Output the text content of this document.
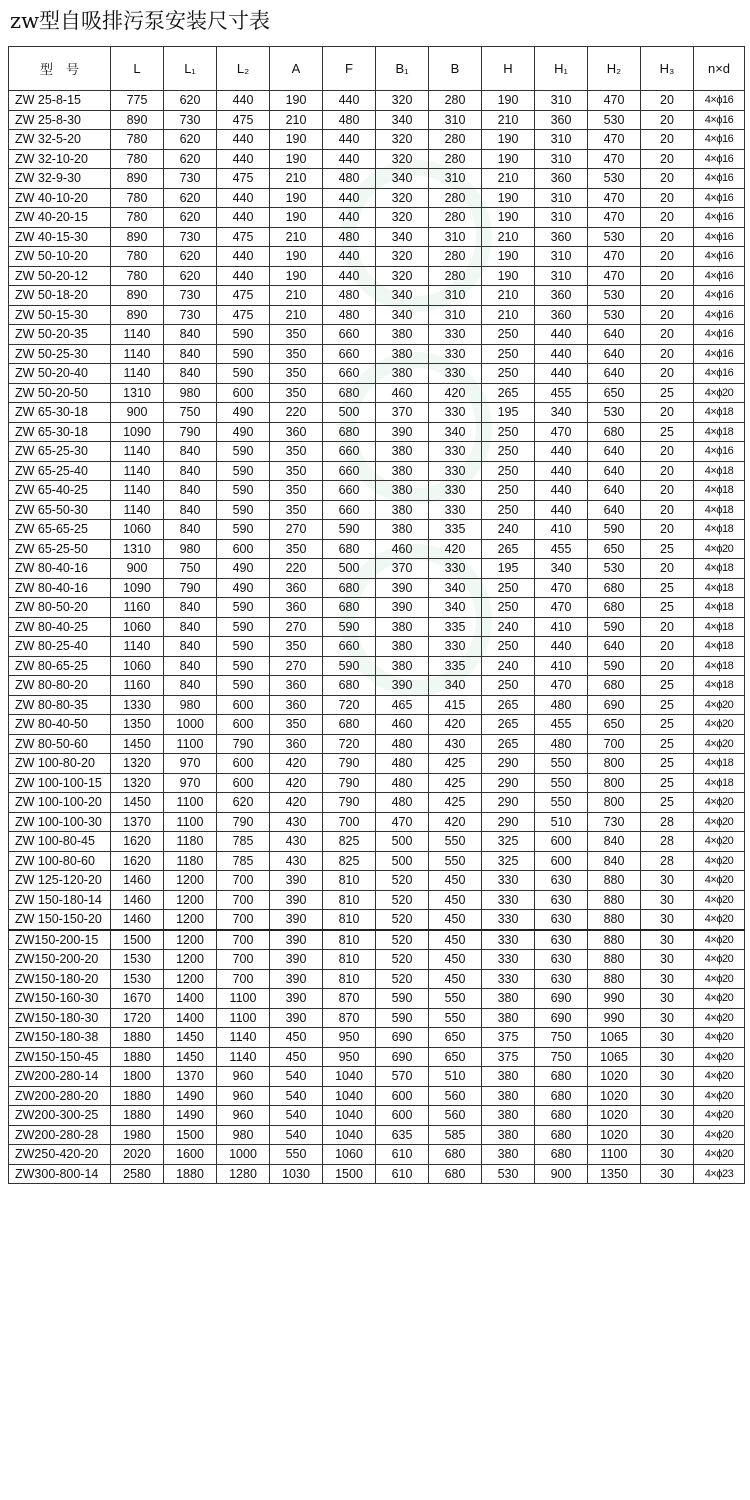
zw型自吸排污泵安装尺寸表
型　号	L	L₁	L₂	A	F	B₁	B	H	H₁	H₂	H₃	n×d
ZW 25-8-15	775	620	440	190	440	320	280	190	310	470	20	4×ϕ16
ZW 25-8-30	890	730	475	210	480	340	310	210	360	530	20	4×ϕ16
ZW 32-5-20	780	620	440	190	440	320	280	190	310	470	20	4×ϕ16
ZW 32-10-20	780	620	440	190	440	320	280	190	310	470	20	4×ϕ16
ZW 32-9-30	890	730	475	210	480	340	310	210	360	530	20	4×ϕ16
ZW 40-10-20	780	620	440	190	440	320	280	190	310	470	20	4×ϕ16
ZW 40-20-15	780	620	440	190	440	320	280	190	310	470	20	4×ϕ16
ZW 40-15-30	890	730	475	210	480	340	310	210	360	530	20	4×ϕ16
ZW 50-10-20	780	620	440	190	440	320	280	190	310	470	20	4×ϕ16
ZW 50-20-12	780	620	440	190	440	320	280	190	310	470	20	4×ϕ16
ZW 50-18-20	890	730	475	210	480	340	310	210	360	530	20	4×ϕ16
ZW 50-15-30	890	730	475	210	480	340	310	210	360	530	20	4×ϕ16
ZW 50-20-35	1140	840	590	350	660	380	330	250	440	640	20	4×ϕ16
ZW 50-25-30	1140	840	590	350	660	380	330	250	440	640	20	4×ϕ16
ZW 50-20-40	1140	840	590	350	660	380	330	250	440	640	20	4×ϕ16
ZW 50-20-50	1310	980	600	350	680	460	420	265	455	650	25	4×ϕ20
ZW 65-30-18	900	750	490	220	500	370	330	195	340	530	20	4×ϕ18
ZW 65-30-18	1090	790	490	360	680	390	340	250	470	680	25	4×ϕ18
ZW 65-25-30	1140	840	590	350	660	380	330	250	440	640	20	4×ϕ16
ZW 65-25-40	1140	840	590	350	660	380	330	250	440	640	20	4×ϕ18
ZW 65-40-25	1140	840	590	350	660	380	330	250	440	640	20	4×ϕ18
ZW 65-50-30	1140	840	590	350	660	380	330	250	440	640	20	4×ϕ18
ZW 65-65-25	1060	840	590	270	590	380	335	240	410	590	20	4×ϕ18
ZW 65-25-50	1310	980	600	350	680	460	420	265	455	650	25	4×ϕ20
ZW 80-40-16	900	750	490	220	500	370	330	195	340	530	20	4×ϕ18
ZW 80-40-16	1090	790	490	360	680	390	340	250	470	680	25	4×ϕ18
ZW 80-50-20	1160	840	590	360	680	390	340	250	470	680	25	4×ϕ18
ZW 80-40-25	1060	840	590	270	590	380	335	240	410	590	20	4×ϕ18
ZW 80-25-40	1140	840	590	350	660	380	330	250	440	640	20	4×ϕ18
ZW 80-65-25	1060	840	590	270	590	380	335	240	410	590	20	4×ϕ18
ZW 80-80-20	1160	840	590	360	680	390	340	250	470	680	25	4×ϕ18
ZW 80-80-35	1330	980	600	360	720	465	415	265	480	690	25	4×ϕ20
ZW 80-40-50	1350	1000	600	350	680	460	420	265	455	650	25	4×ϕ20
ZW 80-50-60	1450	1100	790	360	720	480	430	265	480	700	25	4×ϕ20
ZW 100-80-20	1320	970	600	420	790	480	425	290	550	800	25	4×ϕ18
ZW 100-100-15	1320	970	600	420	790	480	425	290	550	800	25	4×ϕ18
ZW 100-100-20	1450	1100	620	420	790	480	425	290	550	800	25	4×ϕ20
ZW 100-100-30	1370	1100	790	430	700	470	420	290	510	730	28	4×ϕ20
ZW 100-80-45	1620	1180	785	430	825	500	550	325	600	840	28	4×ϕ20
ZW 100-80-60	1620	1180	785	430	825	500	550	325	600	840	28	4×ϕ20
ZW 125-120-20	1460	1200	700	390	810	520	450	330	630	880	30	4×ϕ20
ZW 150-180-14	1460	1200	700	390	810	520	450	330	630	880	30	4×ϕ20
ZW 150-150-20	1460	1200	700	390	810	520	450	330	630	880	30	4×ϕ20
ZW150-200-15	1500	1200	700	390	810	520	450	330	630	880	30	4×ϕ20
ZW150-200-20	1530	1200	700	390	810	520	450	330	630	880	30	4×ϕ20
ZW150-180-20	1530	1200	700	390	810	520	450	330	630	880	30	4×ϕ20
ZW150-160-30	1670	1400	1100	390	870	590	550	380	690	990	30	4×ϕ20
ZW150-180-30	1720	1400	1100	390	870	590	550	380	690	990	30	4×ϕ20
ZW150-180-38	1880	1450	1140	450	950	690	650	375	750	1065	30	4×ϕ20
ZW150-150-45	1880	1450	1140	450	950	690	650	375	750	1065	30	4×ϕ20
ZW200-280-14	1800	1370	960	540	1040	570	510	380	680	1020	30	4×ϕ20
ZW200-280-20	1880	1490	960	540	1040	600	560	380	680	1020	30	4×ϕ20
ZW200-300-25	1880	1490	960	540	1040	600	560	380	680	1020	30	4×ϕ20
ZW200-280-28	1980	1500	980	540	1040	635	585	380	680	1020	30	4×ϕ20
ZW250-420-20	2020	1600	1000	550	1060	610	680	380	680	1100	30	4×ϕ20
ZW300-800-14	2580	1880	1280	1030	1500	610	680	530	900	1350	30	4×ϕ23
